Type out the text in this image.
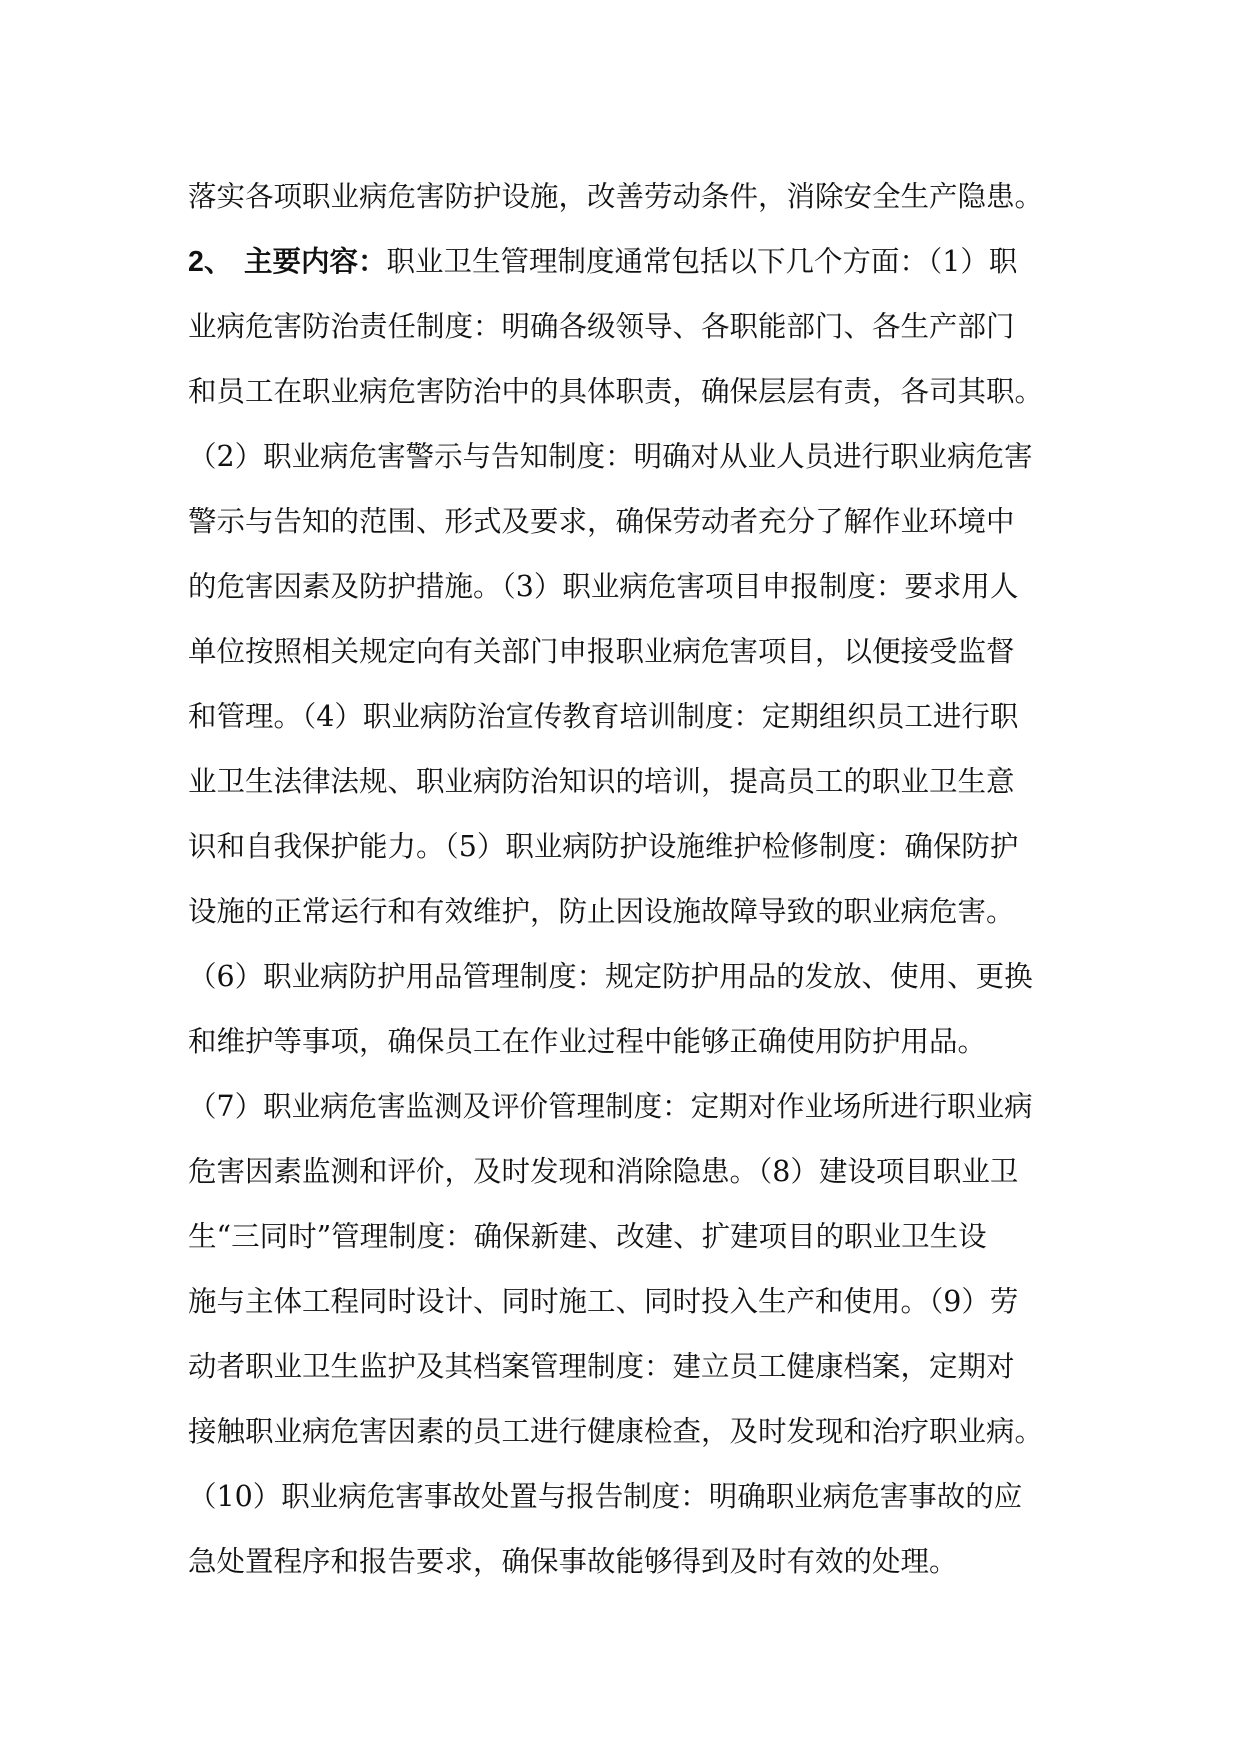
落实各项职业病危害防护设施，改善劳动条件，消除安全生产隐患。
2、 主要内容：职业卫生管理制度通常包括以下几个方面：（1）职
业病危害防治责任制度：明确各级领导、各职能部门、各生产部门
和员工在职业病危害防治中的具体职责，确保层层有责，各司其职。
（2）职业病危害警示与告知制度：明确对从业人员进行职业病危害
警示与告知的范围、形式及要求，确保劳动者充分了解作业环境中
的危害因素及防护措施。（3）职业病危害项目申报制度：要求用人
单位按照相关规定向有关部门申报职业病危害项目，以便接受监督
和管理。（4）职业病防治宣传教育培训制度：定期组织员工进行职
业卫生法律法规、职业病防治知识的培训，提高员工的职业卫生意
识和自我保护能力。（5）职业病防护设施维护检修制度：确保防护
设施的正常运行和有效维护，防止因设施故障导致的职业病危害。
（6）职业病防护用品管理制度：规定防护用品的发放、使用、更换
和维护等事项，确保员工在作业过程中能够正确使用防护用品。
（7）职业病危害监测及评价管理制度：定期对作业场所进行职业病
危害因素监测和评价，及时发现和消除隐患。（8）建设项目职业卫
生“三同时”管理制度：确保新建、改建、扩建项目的职业卫生设
施与主体工程同时设计、同时施工、同时投入生产和使用。（9）劳
动者职业卫生监护及其档案管理制度：建立员工健康档案，定期对
接触职业病危害因素的员工进行健康检查，及时发现和治疗职业病。
（10）职业病危害事故处置与报告制度：明确职业病危害事故的应
急处置程序和报告要求，确保事故能够得到及时有效的处理。
